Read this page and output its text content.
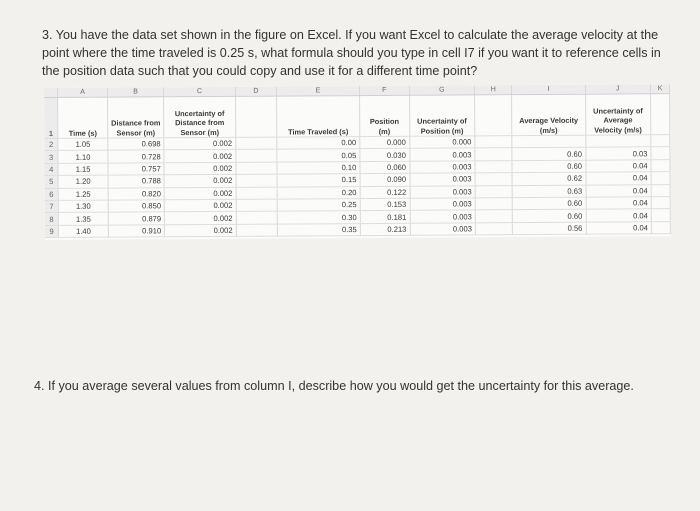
3. You have the data set shown in the figure on Excel. If you want Excel to calculate the average velocity at the point where the time traveled is 0.25 s, what formula should you type in cell I7 if you want it to reference cells in the position data such that you could copy and use it for a different time point?
	A	B	C	D	E	F	G	H	I	J	K
1	Time (s)	Distance from Sensor (m)	Uncertainty of Distance from Sensor (m)		Time Traveled (s)	Position (m)	Uncertainty of Position (m)		Average Velocity (m/s)	Uncertainty of Average Velocity (m/s)	
2	1.05	0.698	0.002		0.00	0.000	0.000				
3	1.10	0.728	0.002		0.05	0.030	0.003		0.60	0.03	
4	1.15	0.757	0.002		0.10	0.060	0.003		0.60	0.04	
5	1.20	0.788	0.002		0.15	0.090	0.003		0.62	0.04	
6	1.25	0.820	0.002		0.20	0.122	0.003		0.63	0.04	
7	1.30	0.850	0.002		0.25	0.153	0.003		0.60	0.04	
8	1.35	0.879	0.002		0.30	0.181	0.003		0.60	0.04	
9	1.40	0.910	0.002		0.35	0.213	0.003		0.56	0.04	
4. If you average several values from column I, describe how you would get the uncertainty for this average.
